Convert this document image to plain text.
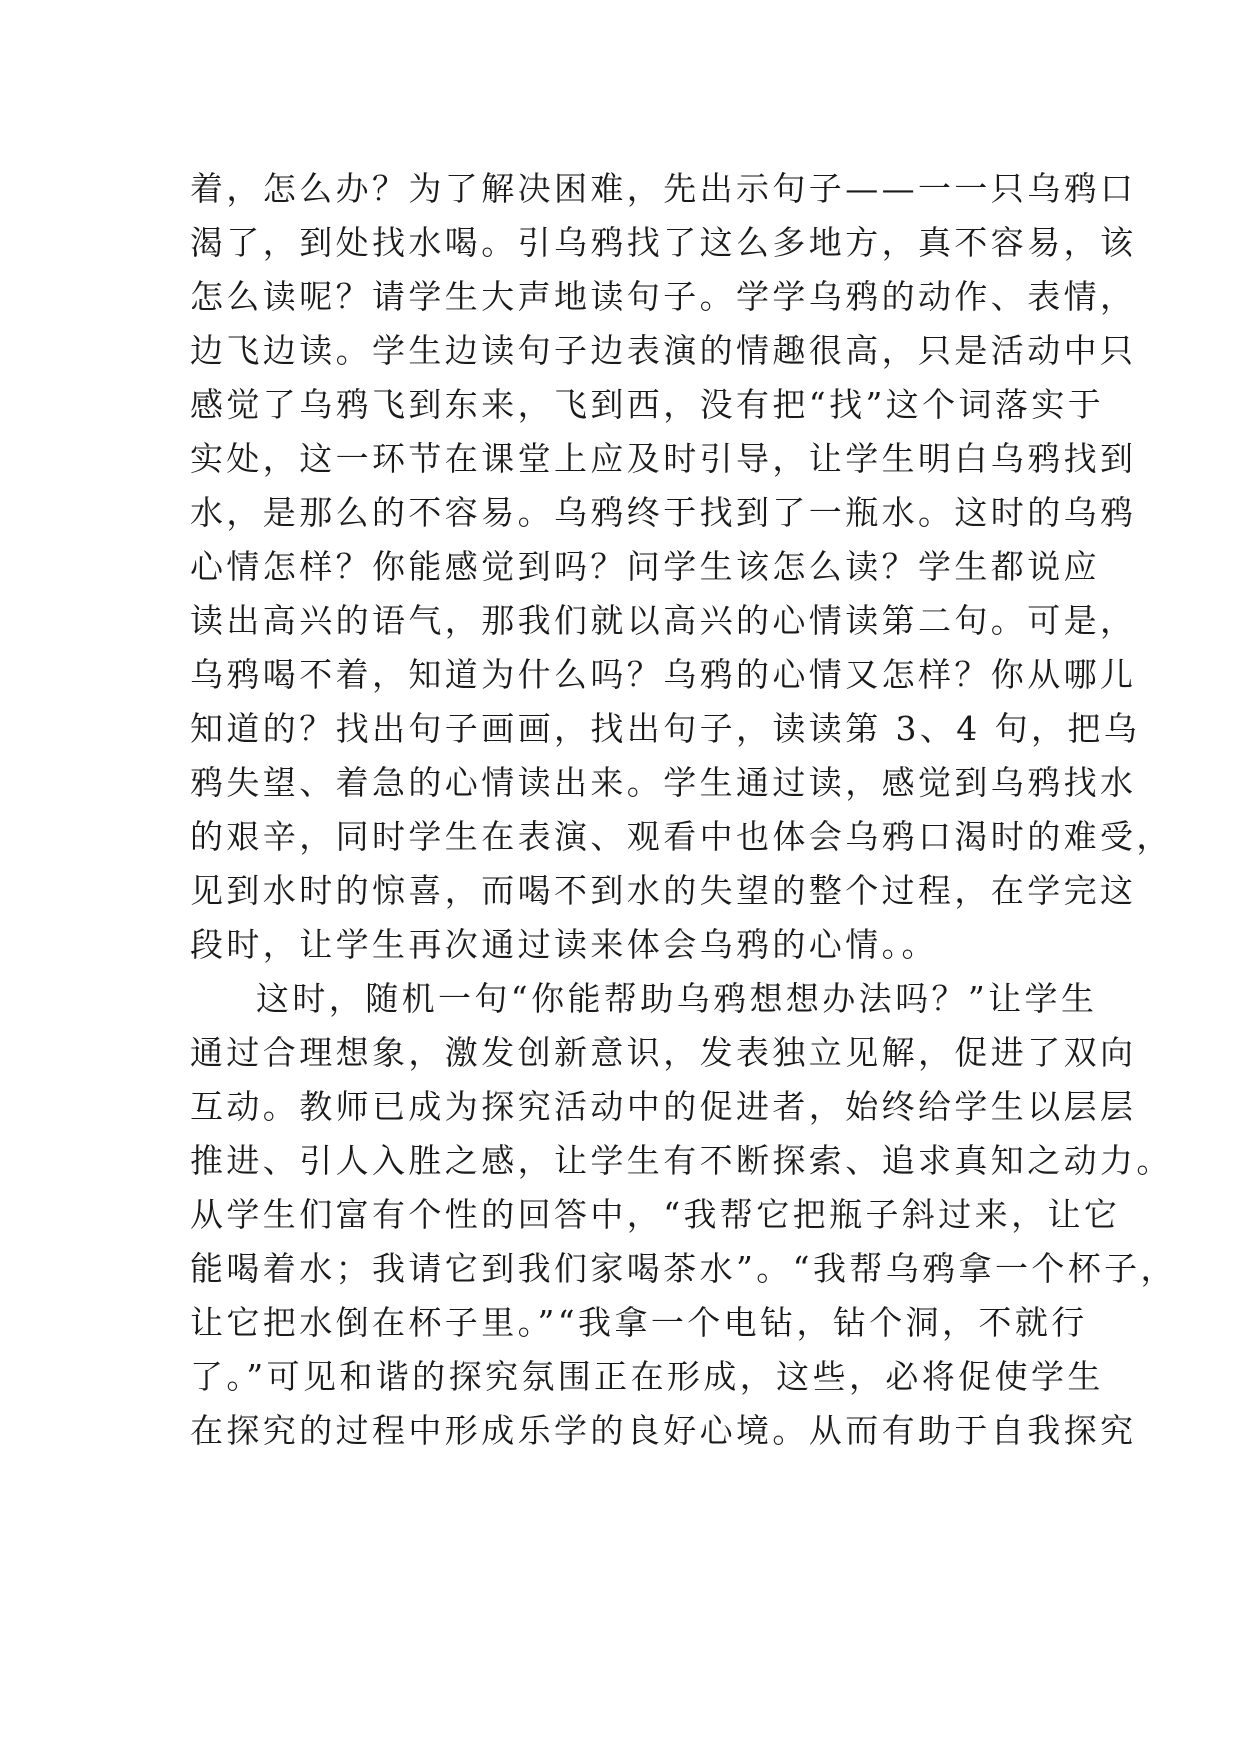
着，怎么办？为了解决困难，先出示句子——一一只乌鸦口
渴了，到处找水喝。引乌鸦找了这么多地方，真不容易，该
怎么读呢？请学生大声地读句子。学学乌鸦的动作、表情，
边飞边读。学生边读句子边表演的情趣很高，只是活动中只
感觉了乌鸦飞到东来，飞到西，没有把“找”这个词落实于
实处，这一环节在课堂上应及时引导，让学生明白乌鸦找到
水，是那么的不容易。乌鸦终于找到了一瓶水。这时的乌鸦
心情怎样？你能感觉到吗？问学生该怎么读？学生都说应
读出高兴的语气，那我们就以高兴的心情读第二句。可是，
乌鸦喝不着，知道为什么吗？乌鸦的心情又怎样？你从哪儿
知道的？找出句子画画，找出句子，读读第 3、4 句，把乌
鸦失望、着急的心情读出来。学生通过读，感觉到乌鸦找水
的艰辛，同时学生在表演、观看中也体会乌鸦口渴时的难受，
见到水时的惊喜，而喝不到水的失望的整个过程，在学完这
段时，让学生再次通过读来体会乌鸦的心情。。
这时，随机一句“你能帮助乌鸦想想办法吗？”让学生
通过合理想象，激发创新意识，发表独立见解，促进了双向
互动。教师已成为探究活动中的促进者，始终给学生以层层
推进、引人入胜之感，让学生有不断探索、追求真知之动力。
从学生们富有个性的回答中，“我帮它把瓶子斜过来，让它
能喝着水；我请它到我们家喝茶水”。“我帮乌鸦拿一个杯子，
让它把水倒在杯子里。”“我拿一个电钻，钻个洞，不就行
了。”可见和谐的探究氛围正在形成，这些，必将促使学生
在探究的过程中形成乐学的良好心境。从而有助于自我探究
